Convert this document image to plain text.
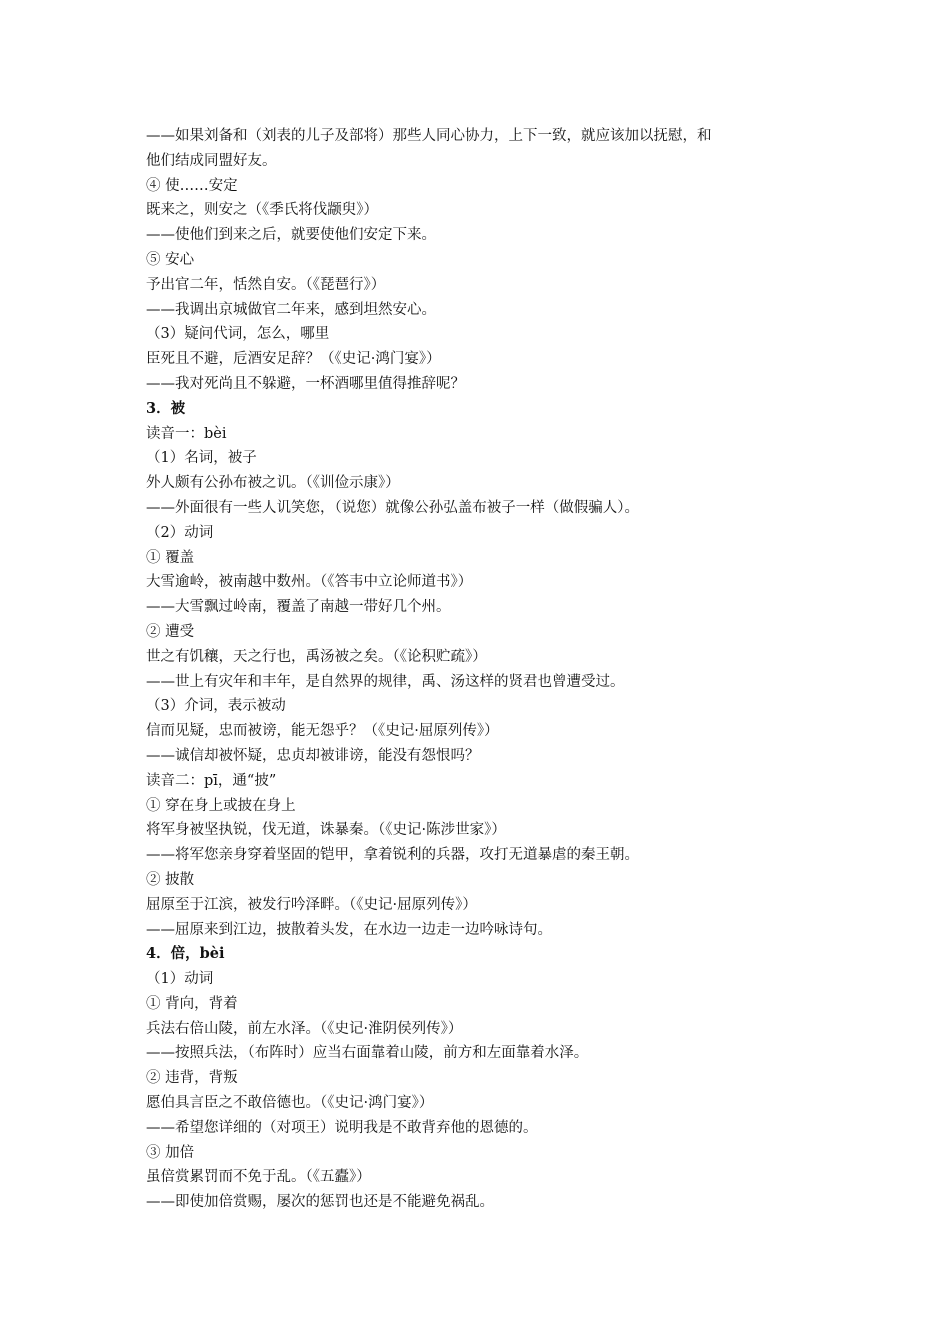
——如果刘备和（刘表的儿子及部将）那些人同心协力，上下一致，就应该加以抚慰，和
他们结成同盟好友。
④ 使……安定
既来之，则安之（《季氏将伐颛臾》）
——使他们到来之后，就要使他们安定下来。
⑤ 安心
予出官二年，恬然自安。（《琵琶行》）
——我调出京城做官二年来，感到坦然安心。
（3）疑问代词，怎么，哪里
臣死且不避，卮酒安足辞？（《史记·鸿门宴》）
——我对死尚且不躲避，一杯酒哪里值得推辞呢？
3．被
读音一：bèi
（1）名词，被子
外人颇有公孙布被之讥。（《训俭示康》）
——外面很有一些人讥笑您，（说您）就像公孙弘盖布被子一样（做假骗人）。
（2）动词
① 覆盖
大雪逾岭，被南越中数州。（《答韦中立论师道书》）
——大雪飘过岭南，覆盖了南越一带好几个州。
② 遭受
世之有饥穰，天之行也，禹汤被之矣。（《论积贮疏》）
——世上有灾年和丰年，是自然界的规律，禹、汤这样的贤君也曾遭受过。
（3）介词，表示被动
信而见疑，忠而被谤，能无怨乎？（《史记·屈原列传》）
——诚信却被怀疑，忠贞却被诽谤，能没有怨恨吗？
读音二：pī，通“披”
① 穿在身上或披在身上
将军身被坚执锐，伐无道，诛暴秦。（《史记·陈涉世家》）
——将军您亲身穿着坚固的铠甲，拿着锐利的兵器，攻打无道暴虐的秦王朝。
② 披散
屈原至于江滨，被发行吟泽畔。（《史记·屈原列传》）
——屈原来到江边，披散着头发，在水边一边走一边吟咏诗句。
4．倍，bèi
（1）动词
① 背向，背着
兵法右倍山陵，前左水泽。（《史记·淮阴侯列传》）
——按照兵法，（布阵时）应当右面靠着山陵，前方和左面靠着水泽。
② 违背，背叛
愿伯具言臣之不敢倍德也。（《史记·鸿门宴》）
——希望您详细的（对项王）说明我是不敢背弃他的恩德的。
③ 加倍
虽倍赏累罚而不免于乱。（《五蠹》）
——即使加倍赏赐，屡次的惩罚也还是不能避免祸乱。
